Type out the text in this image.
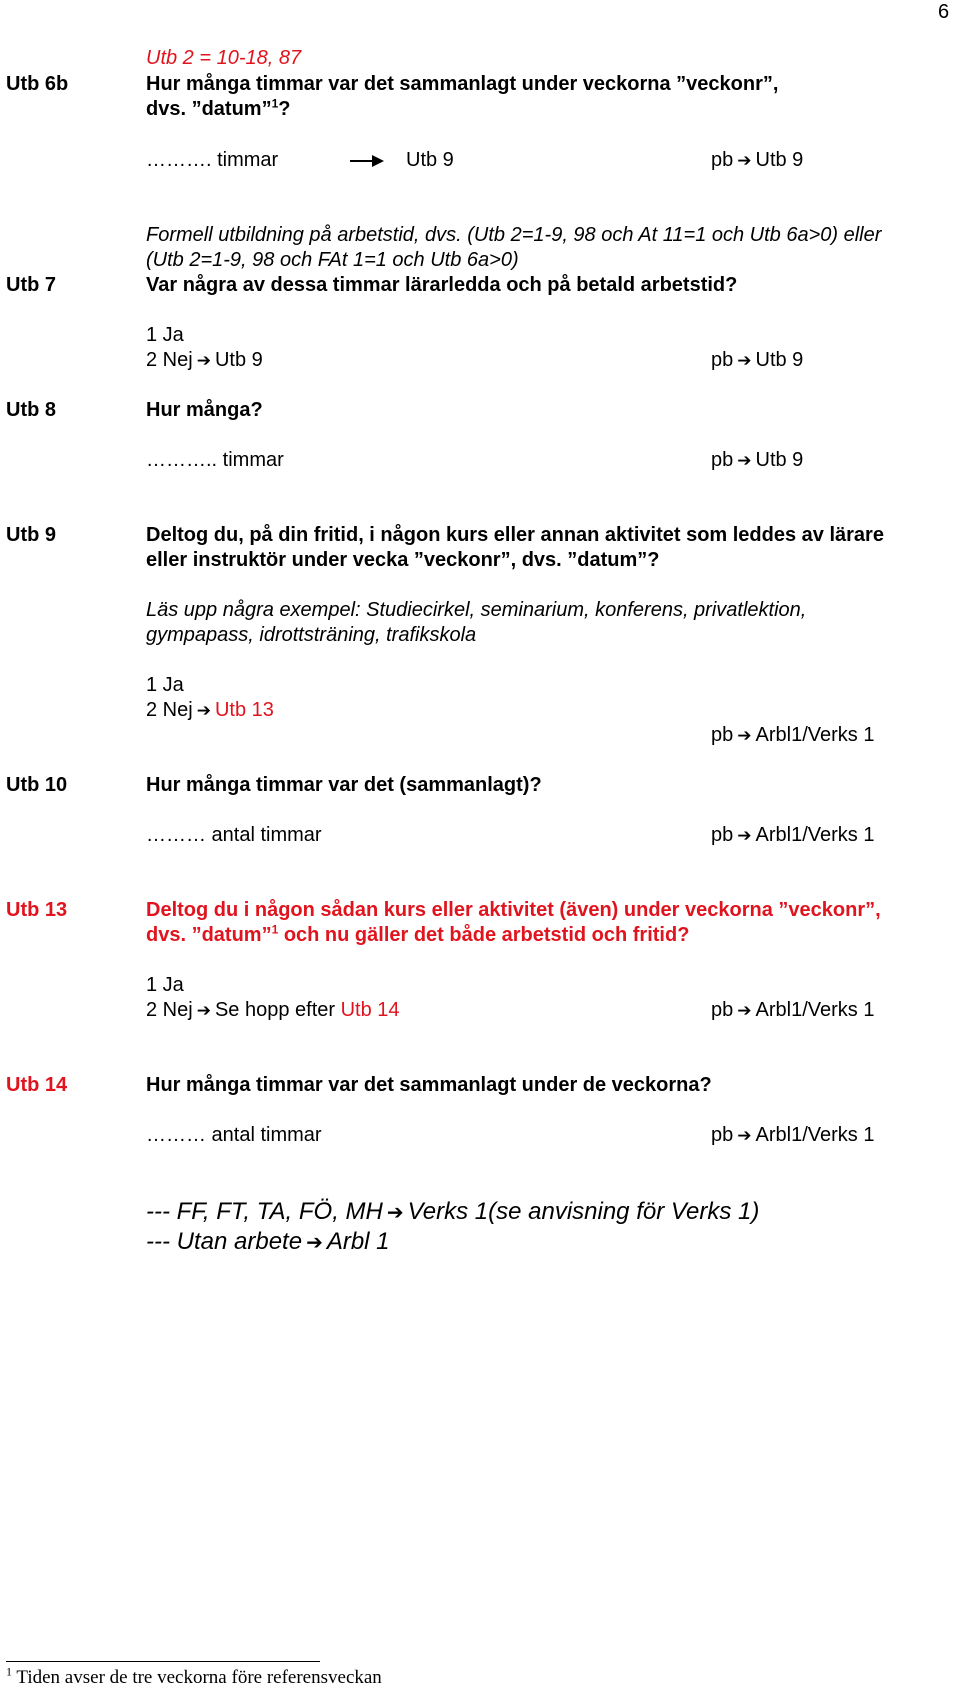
6
Utb 2 = 10-18, 87
Utb 6b	Hur många timmar var det sammanlagt under veckorna ”veckonr”,
dvs. ”datum”$^1$?
………. timmar	Utb 9	pb ➔ Utb 9
Formell utbildning på arbetstid, dvs. (Utb 2=1-9, 98 och At 11=1 och Utb 6a>0) eller
(Utb 2=1-9, 98 och FAt 1=1 och Utb 6a>0)
Utb 7	Var några av dessa timmar lärarledda och på betald arbetstid?
1 Ja
2 Nej ➔ Utb 9	pb ➔ Utb 9
Utb 8	Hur många?
……….. timmar	pb ➔ Utb 9
Utb 9	Deltog du, på din fritid, i någon kurs eller annan aktivitet som leddes av lärare
eller instruktör under vecka ”veckonr”, dvs. ”datum”?
Läs upp några exempel: Studiecirkel, seminarium, konferens, privatlektion,
gympapass, idrottsträning, trafikskola
1 Ja
2 Nej ➔ Utb 13
pb ➔ Arbl1/Verks 1
Utb 10	Hur många timmar var det (sammanlagt)?
……… antal timmar	pb ➔ Arbl1/Verks 1
Utb 13	Deltog du i någon sådan kurs eller aktivitet (även) under veckorna ”veckonr”,
dvs. ”datum”$^1$ och nu gäller det både arbetstid och fritid?
1 Ja
2 Nej ➔ Se hopp efter Utb 14	pb ➔ Arbl1/Verks 1
Utb 14	Hur många timmar var det sammanlagt under de veckorna?
……… antal timmar	pb ➔ Arbl1/Verks 1
--- FF, FT, TA, FÖ, MH ➔ Verks 1(se anvisning för Verks 1)
--- Utan arbete ➔ Arbl 1
$^1$ Tiden avser de tre veckorna före referensveckan
